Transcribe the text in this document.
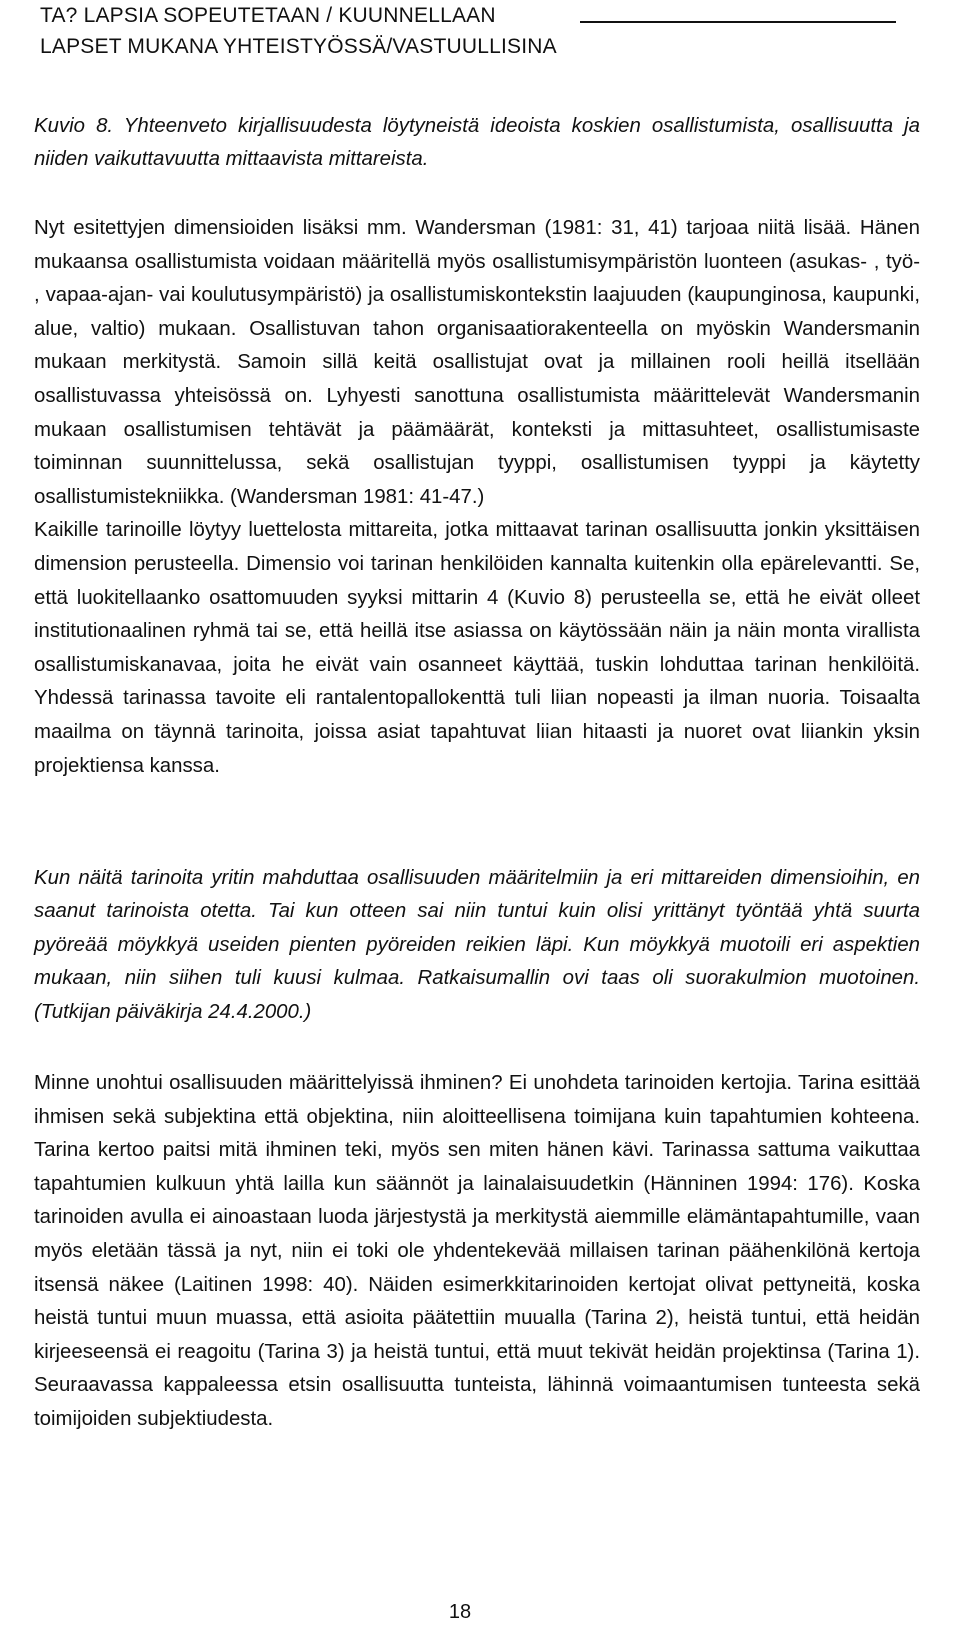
TA? LAPSIA SOPEUTETAAN / KUUNNELLAAN
LAPSET MUKANA YHTEISTYÖSSÄ/VASTUULLISINA

Kuvio 8. Yhteenveto kirjallisuudesta löytyneistä ideoista koskien osallistumista, osallisuutta ja niiden vaikuttavuutta mittaavista mittareista.

Nyt esitettyjen dimensioiden lisäksi mm. Wandersman (1981: 31, 41) tarjoaa niitä lisää. Hänen mukaansa osallistumista voidaan määritellä myös osallistumisympäristön luonteen (asukas- , työ- , vapaa-ajan- vai koulutusympäristö) ja osallistumiskontekstin laajuuden (kaupunginosa, kaupunki, alue, valtio) mukaan. Osallistuvan tahon organisaatiorakenteella on myöskin Wandersmanin mukaan merkitystä. Samoin sillä keitä osallistujat ovat ja millainen rooli heillä itsellään osallistuvassa yhteisössä on. Lyhyesti sanottuna osallistumista määrittelevät Wandersmanin mukaan osallistumisen tehtävät ja päämäärät, konteksti ja mittasuhteet, osallistumisaste toiminnan suunnittelussa, sekä osallistujan tyyppi, osallistumisen tyyppi ja käytetty osallistumistekniikka. (Wandersman 1981: 41-47.)

Kaikille tarinoille löytyy luettelosta mittareita, jotka mittaavat tarinan osallisuutta jonkin yksittäisen dimension perusteella. Dimensio voi tarinan henkilöiden kannalta kuitenkin olla epärelevantti. Se, että luokitellaanko osattomuuden syyksi mittarin 4 (Kuvio 8) perusteella se, että he eivät olleet institutionaalinen ryhmä tai se, että heillä itse asiassa on käytössään näin ja näin monta virallista osallistumiskanavaa, joita he eivät vain osanneet käyttää, tuskin lohduttaa tarinan henkilöitä. Yhdessä tarinassa tavoite eli rantalentopallokenttä tuli liian nopeasti ja ilman nuoria. Toisaalta maailma on täynnä tarinoita, joissa asiat tapahtuvat liian hitaasti ja nuoret ovat liiankin yksin projektiensa kanssa.

Kun näitä tarinoita yritin mahduttaa osallisuuden määritelmiin ja eri mittareiden dimensioihin, en saanut tarinoista otetta. Tai kun otteen sai niin tuntui kuin olisi yrittänyt työntää yhtä suurta pyöreää möykkyä useiden pienten pyöreiden reikien läpi. Kun möykkyä muotoili eri aspektien mukaan, niin siihen tuli kuusi kulmaa. Ratkaisumallin ovi taas oli suorakulmion muotoinen. (Tutkijan päiväkirja 24.4.2000.)

Minne unohtui osallisuuden määrittelyissä ihminen? Ei unohdeta tarinoiden kertojia. Tarina esittää ihmisen sekä subjektina että objektina, niin aloitteellisena toimijana kuin tapahtumien kohteena. Tarina kertoo paitsi mitä ihminen teki, myös sen miten hänen kävi. Tarinassa sattuma vaikuttaa tapahtumien kulkuun yhtä lailla kun säännöt ja lainalaisuudetkin (Hänninen 1994: 176). Koska tarinoiden avulla ei ainoastaan luoda järjestystä ja merkitystä aiemmille elämäntapahtumille, vaan myös eletään tässä ja nyt, niin ei toki ole yhdentekevää millaisen tarinan päähenkilönä kertoja itsensä näkee (Laitinen 1998: 40). Näiden esimerkkitarinoiden kertojat olivat pettyneitä, koska heistä tuntui muun muassa, että asioita päätettiin muualla (Tarina 2), heistä tuntui, että heidän kirjeeseensä ei reagoitu (Tarina 3) ja heistä tuntui, että muut tekivät heidän projektinsa (Tarina 1). Seuraavassa kappaleessa etsin osallisuutta tunteista, lähinnä voimaantumisen tunteesta sekä toimijoiden subjektiudesta.

18
